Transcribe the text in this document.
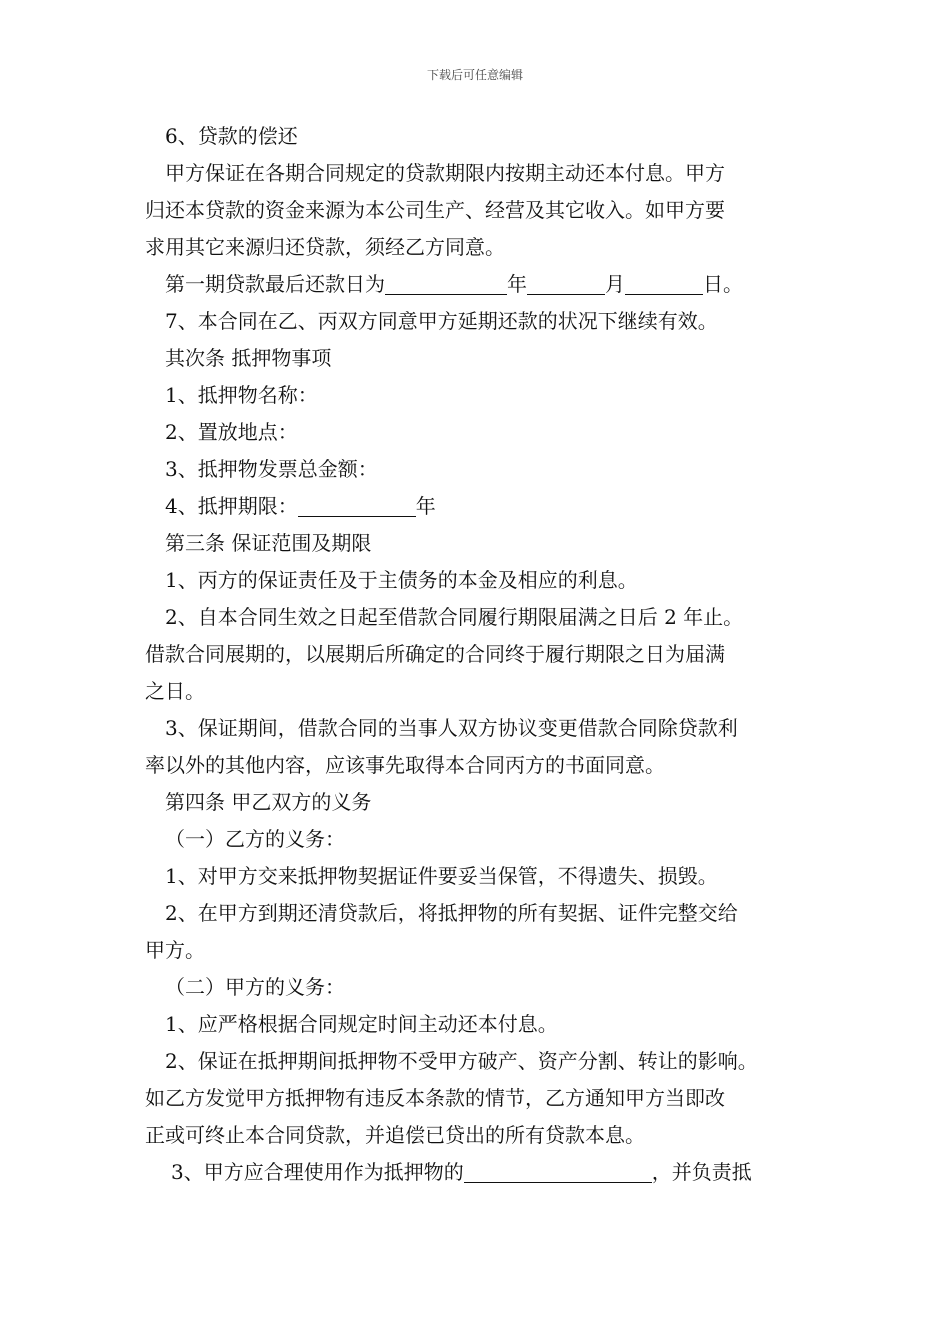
下载后可任意编辑
6、贷款的偿还
甲方保证在各期合同规定的贷款期限内按期主动还本付息。甲方
归还本贷款的资金来源为本公司生产、经营及其它收入。如甲方要
求用其它来源归还贷款，须经乙方同意。
第一期贷款最后还款日为	年	月	日。
7、本合同在乙、丙双方同意甲方延期还款的状况下继续有效。
其次条 抵押物事项
1、抵押物名称：
2、置放地点：
3、抵押物发票总金额：
4、抵押期限：	年
第三条 保证范围及期限
1、丙方的保证责任及于主债务的本金及相应的利息。
2、自本合同生效之日起至借款合同履行期限届满之日后 2 年止。
借款合同展期的，以展期后所确定的合同终于履行期限之日为届满
之日。
3、保证期间，借款合同的当事人双方协议变更借款合同除贷款利
率以外的其他内容，应该事先取得本合同丙方的书面同意。
第四条 甲乙双方的义务
（一）乙方的义务：
1、对甲方交来抵押物契据证件要妥当保管，不得遗失、损毁。
2、在甲方到期还清贷款后，将抵押物的所有契据、证件完整交给
甲方。
（二）甲方的义务：
1、应严格根据合同规定时间主动还本付息。
2、保证在抵押期间抵押物不受甲方破产、资产分割、转让的影响。
如乙方发觉甲方抵押物有违反本条款的情节，乙方通知甲方当即改
正或可终止本合同贷款，并追偿已贷出的所有贷款本息。
3、甲方应合理使用作为抵押物的	，并负责抵
